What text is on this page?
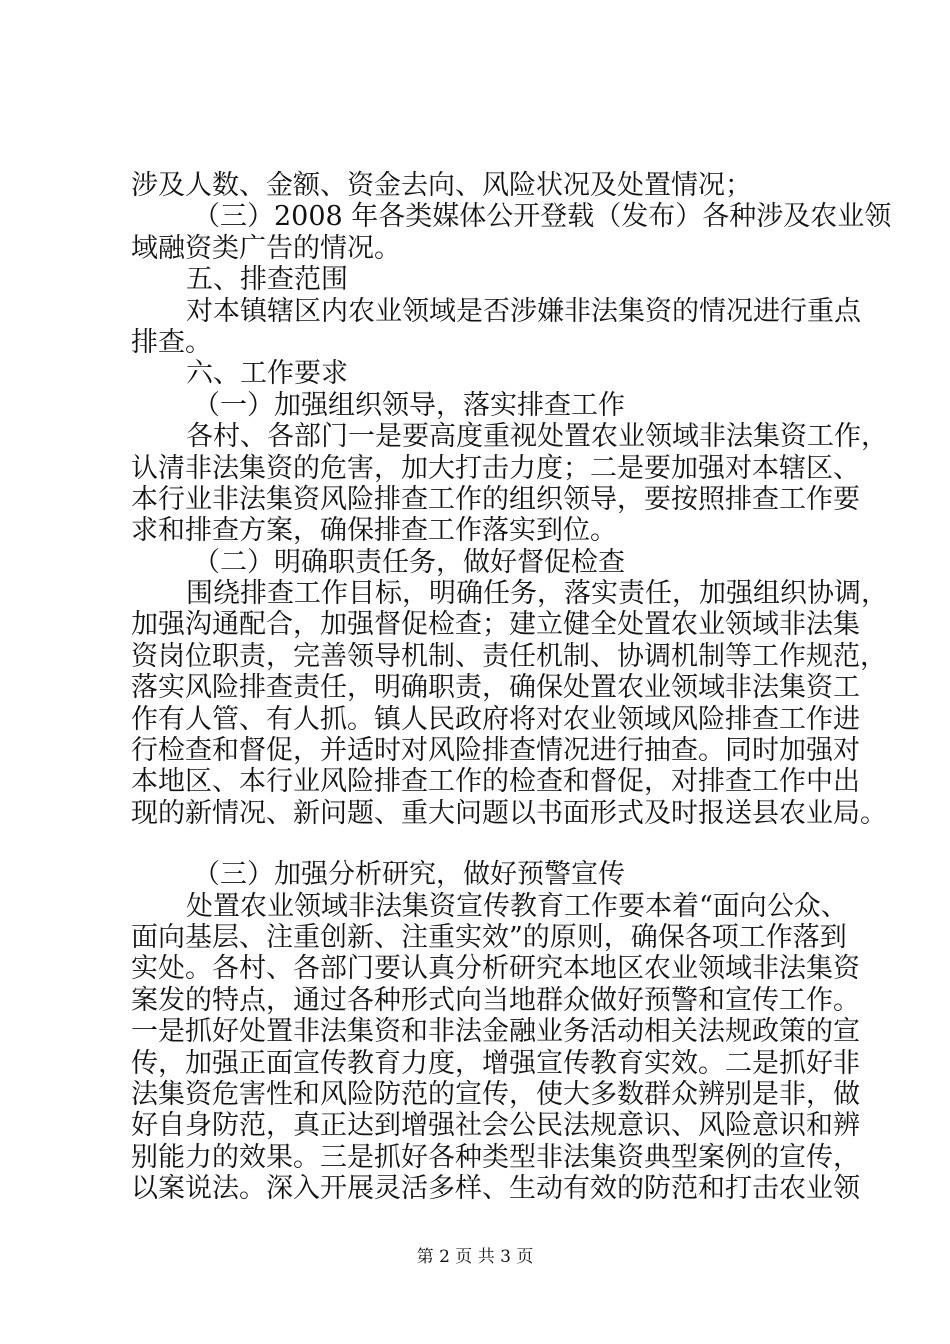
涉及人数、金额、资金去向、风险状况及处置情况；
（三）2008 年各类媒体公开登载（发布）各种涉及农业领
域融资类广告的情况。
五、排查范围
对本镇辖区内农业领域是否涉嫌非法集资的情况进行重点
排查。
六、工作要求
（一）加强组织领导，落实排查工作
各村、各部门一是要高度重视处置农业领域非法集资工作，
认清非法集资的危害，加大打击力度；二是要加强对本辖区、
本行业非法集资风险排查工作的组织领导，要按照排查工作要
求和排查方案，确保排查工作落实到位。
（二）明确职责任务，做好督促检查
围绕排查工作目标，明确任务，落实责任，加强组织协调，
加强沟通配合，加强督促检查；建立健全处置农业领域非法集
资岗位职责，完善领导机制、责任机制、协调机制等工作规范，
落实风险排查责任，明确职责，确保处置农业领域非法集资工
作有人管、有人抓。镇人民政府将对农业领域风险排查工作进
行检查和督促，并适时对风险排查情况进行抽查。同时加强对
本地区、本行业风险排查工作的检查和督促，对排查工作中出
现的新情况、新问题、重大问题以书面形式及时报送县农业局。
（三）加强分析研究，做好预警宣传
处置农业领域非法集资宣传教育工作要本着“面向公众、
面向基层、注重创新、注重实效”的原则，确保各项工作落到
实处。各村、各部门要认真分析研究本地区农业领域非法集资
案发的特点，通过各种形式向当地群众做好预警和宣传工作。
一是抓好处置非法集资和非法金融业务活动相关法规政策的宣
传，加强正面宣传教育力度，增强宣传教育实效。二是抓好非
法集资危害性和风险防范的宣传，使大多数群众辨别是非，做
好自身防范，真正达到增强社会公民法规意识、风险意识和辨
别能力的效果。三是抓好各种类型非法集资典型案例的宣传，
以案说法。深入开展灵活多样、生动有效的防范和打击农业领
第 2 页 共 3 页
